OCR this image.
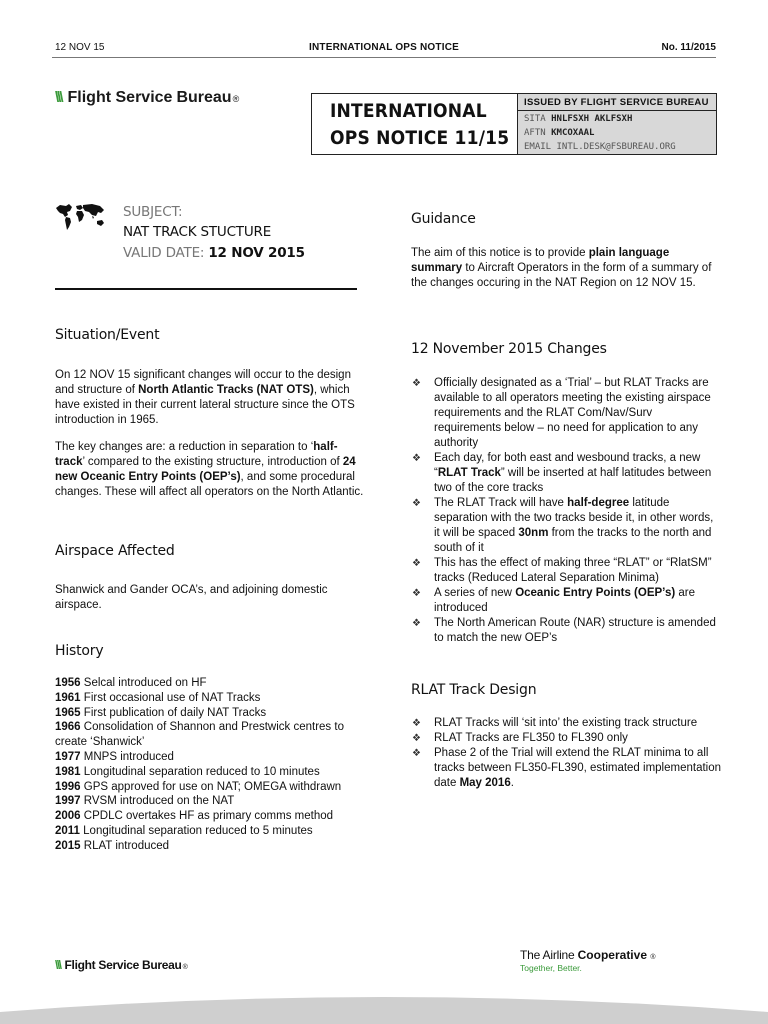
12 NOV 15	INTERNATIONAL OPS NOTICE	No. 11/2015
\\\ Flight Service Bureau ®
INTERNATIONAL
OPS NOTICE 11/15
ISSUED BY FLIGHT SERVICE BUREAU
SITA HNLFSXH AKLFSXH
AFTN KMCOXAAL
EMAIL INTL.DESK@FSBUREAU.ORG
SUBJECT:
NAT TRACK STUCTURE
VALID DATE: 12 NOV 2015
Situation/Event
On 12 NOV 15 significant changes will occur to the design and structure of North Atlantic Tracks (NAT OTS), which have existed in their current lateral structure since the OTS introduction in 1965.
The key changes are: a reduction in separation to ‘half-track’ compared to the existing structure, introduction of 24 new Oceanic Entry Points (OEP’s), and some procedural changes. These will affect all operators on the North Atlantic.
Airspace Affected
Shanwick and Gander OCA’s, and adjoining domestic airspace.
History
1956 Selcal introduced on HF
1961 First occasional use of NAT Tracks
1965 First publication of daily NAT Tracks
1966 Consolidation of Shannon and Prestwick centres to create ‘Shanwick’
1977 MNPS introduced
1981 Longitudinal separation reduced to 10 minutes
1996 GPS approved for use on NAT; OMEGA withdrawn
1997 RVSM introduced on the NAT
2006 CPDLC overtakes HF as primary comms method
2011 Longitudinal separation reduced to 5 minutes
2015 RLAT introduced
Guidance
The aim of this notice is to provide plain language summary to Aircraft Operators in the form of a summary of the changes occuring in the NAT Region on 12 NOV 15.
12 November 2015 Changes
❖ Officially designated as a ‘Trial’ – but RLAT Tracks are available to all operators meeting the existing airspace requirements and the RLAT Com/Nav/Surv requirements below – no need for application to any authority
❖ Each day, for both east and wesbound tracks, a new “RLAT Track” will be inserted at half latitudes between two of the core tracks
❖ The RLAT Track will have half-degree latitude separation with the two tracks beside it, in other words, it will be spaced 30nm from the tracks to the north and south of it
❖ This has the effect of making three “RLAT” or “RlatSM” tracks (Reduced Lateral Separation Minima)
❖ A series of new Oceanic Entry Points (OEP’s) are introduced
❖ The North American Route (NAR) structure is amended to match the new OEP’s
RLAT Track Design
❖ RLAT Tracks will ‘sit into’ the existing track structure
❖ RLAT Tracks are FL350 to FL390 only
❖ Phase 2 of the Trial will extend the RLAT minima to all tracks between FL350-FL390, estimated implementation date May 2016.
\\\ Flight Service Bureau ®
The Airline Cooperative ®
Together, Better.
